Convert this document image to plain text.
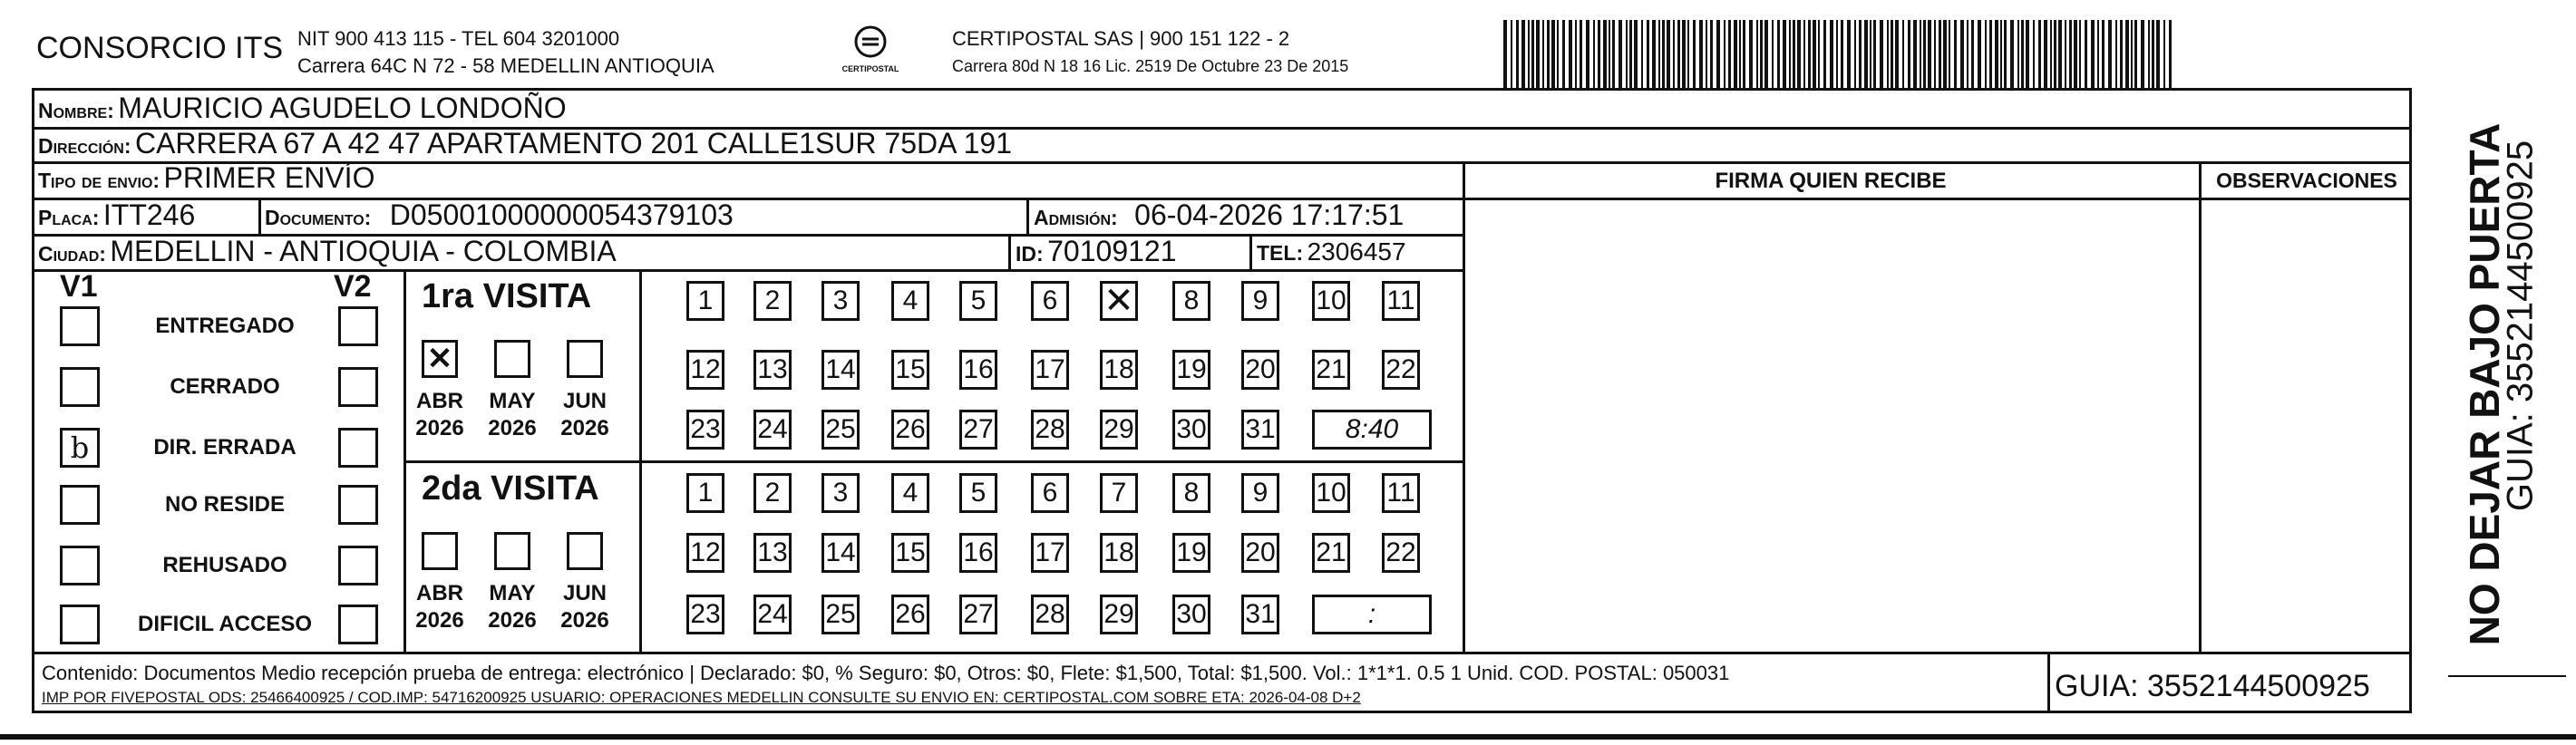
CONSORCIO ITS NIT 900 413 115 - TEL 604 3201000
Carrera 64C N 72 - 58 MEDELLIN ANTIOQUIA	CERTIPOSTAL
CERTIPOSTAL SAS | 900 151 122 - 2
Carrera 80d N 18 16 Lic. 2519 De Octubre 23 De 2015
Nombre: MAURICIO AGUDELO LONDOÑO
Dirección: CARRERA 67 A 42 47 APARTAMENTO 201 CALLE1SUR 75DA 191
Tipo de envio: PRIMER ENVÍO
Placa: ITT246	Documento: D05001000000054379103	Admisión: 06-04-2026 17:17:51
Ciudad: MEDELLIN - ANTIOQUIA - COLOMBIA	ID: 70109121	TEL: 2306457
FIRMA QUIEN RECIBE	OBSERVACIONES
V1	V2 1ra VISITA
2da VISITA
ENTREGADO
CERRADO
b	DIR. ERRADA
NO RESIDE
REHUSADO
DIFICIL ACCESO
✕
ABR
2026
MAY
2026
JUN
2026
ABR
2026
MAY
2026
JUN
2026
1	2	3	4	5	6	✕	8	9	10 11
12 13 14 15 16 17 18 19 20 21 22
23 24 25 26 27 28 29 30 31	8:40
1	2	3	4	5	6	7	8	9	10 11
12 13 14 15 16 17 18 19 20 21 22
23 24 25 26 27 28 29 30 31	:
Contenido: Documentos Medio recepción prueba de entrega: electrónico | Declarado: $0, % Seguro: $0, Otros: $0, Flete: $1,500, Total: $1,500. Vol.: 1*1*1. 0.5 1 Unid. COD. POSTAL: 050031
IMP POR FIVEPOSTAL ODS: 25466400925 / COD.IMP: 54716200925 USUARIO: OPERACIONES MEDELLIN CONSULTE SU ENVIO EN: CERTIPOSTAL.COM SOBRE ETA: 2026-04-08 D+2	GUIA: 3552144500925
NO DEJAR BAJO PUERTA
GUIA: 3552144500925
